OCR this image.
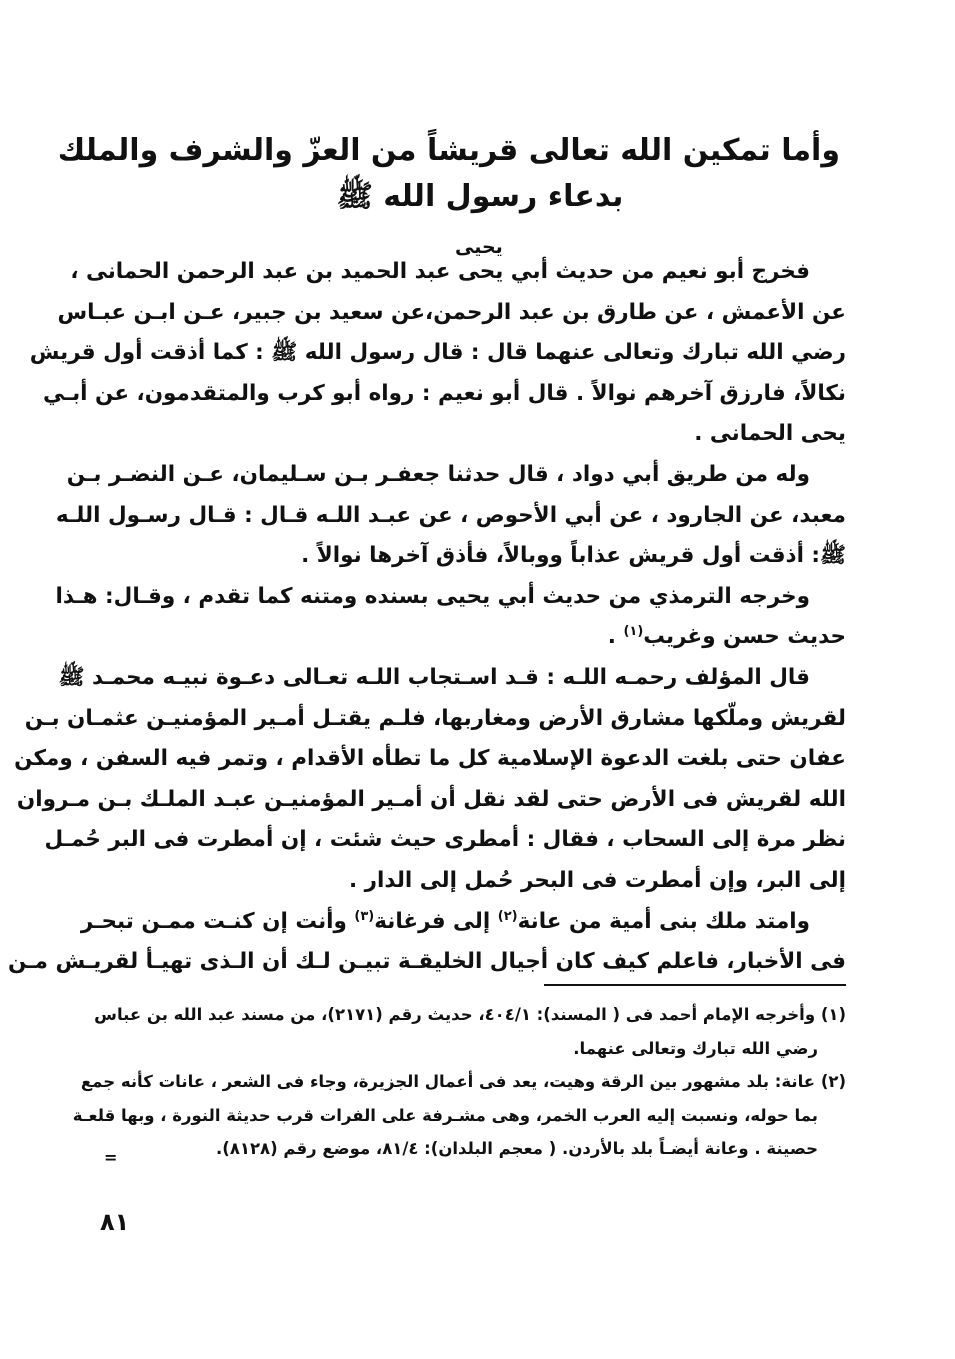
وأما تمكين الله تعالى قريشاً من العزّ والشرف والملك
بدعاء رسول الله ﷺ
يحيى

فخرج أبو نعيم من حديث أبي يحى عبد الحميد بن عبد الرحمن الحمانى ،
عن الأعمش ، عن طارق بن عبد الرحمن،عن سعيد بن جبير، عـن ابـن عبـاس
رضي الله تبارك وتعالى عنهما قال : قال رسول الله ﷺ : كما أذقت أول قريش
نكالاً، فارزق آخرهم نوالاً . قال أبو نعيم : رواه أبو كرب والمتقدمون، عن أبـي
يحى الحمانى .

وله من طريق أبي دواد ، قال حدثنا جعفـر بـن سـليمان، عـن النضـر بـن
معبد، عن الجارود ، عن أبي الأحوص ، عن عبـد اللـه قـال : قـال رسـول اللـه
ﷺ: أذقت أول قريش عذاباً ووبالاً، فأذق آخرها نوالاً .

وخرجه الترمذي من حديث أبي يحيى بسنده ومتنه كما تقدم ، وقـال: هـذا
حديث حسن وغريب$^{(١)}$ .

قال المؤلف رحمـه اللـه : قـد اسـتجاب اللـه تعـالى دعـوة نبيـه محمـد ﷺ
لقريش وملّكها مشارق الأرض ومغاربها، فلـم يقتـل أمـير المؤمنيـن عثمـان بـن
عفان حتى بلغت الدعوة الإسلامية كل ما تطأه الأقدام ، وتمر فيه السفن ، ومكن
الله لقريش فى الأرض حتى لقد نقل أن أمـير المؤمنيـن عبـد الملـك بـن مـروان
نظر مرة إلى السحاب ، فقال : أمطرى حيث شئت ، إن أمطرت فى البر حُمـل
إلى البر، وإن أمطرت فى البحر حُمل إلى الدار .

وامتد ملك بنى أمية من عانة$^{(٢)}$ إلى فرغانة$^{(٣)}$ وأنت إن كنـت ممـن تبحـر
فى الأخبار، فاعلم كيف كان أجيال الخليقـة تبيـن لـك أن الـذى تهيـأ لقريـش مـن

(١) وأخرجه الإمام أحمد فى ( المسند): ٤٠٤/١، حديث رقم (٢١٧١)، من مسند عبد الله بن عباس
رضي الله تبارك وتعالى عنهما.

(٢) عانة: بلد مشهور بين الرقة وهيت، يعد فى أعمال الجزيرة، وجاء فى الشعر ، عانات كأنه جمع
بما حوله، ونسبت إليه العرب الخمر، وهى مشـرفة على الفرات قرب حديثة النورة ، وبها قلعـة
حصينة . وعانة أيضـاً بلد بالأردن. ( معجم البلدان): ٨١/٤، موضع رقم (٨١٢٨).

=
٨١
